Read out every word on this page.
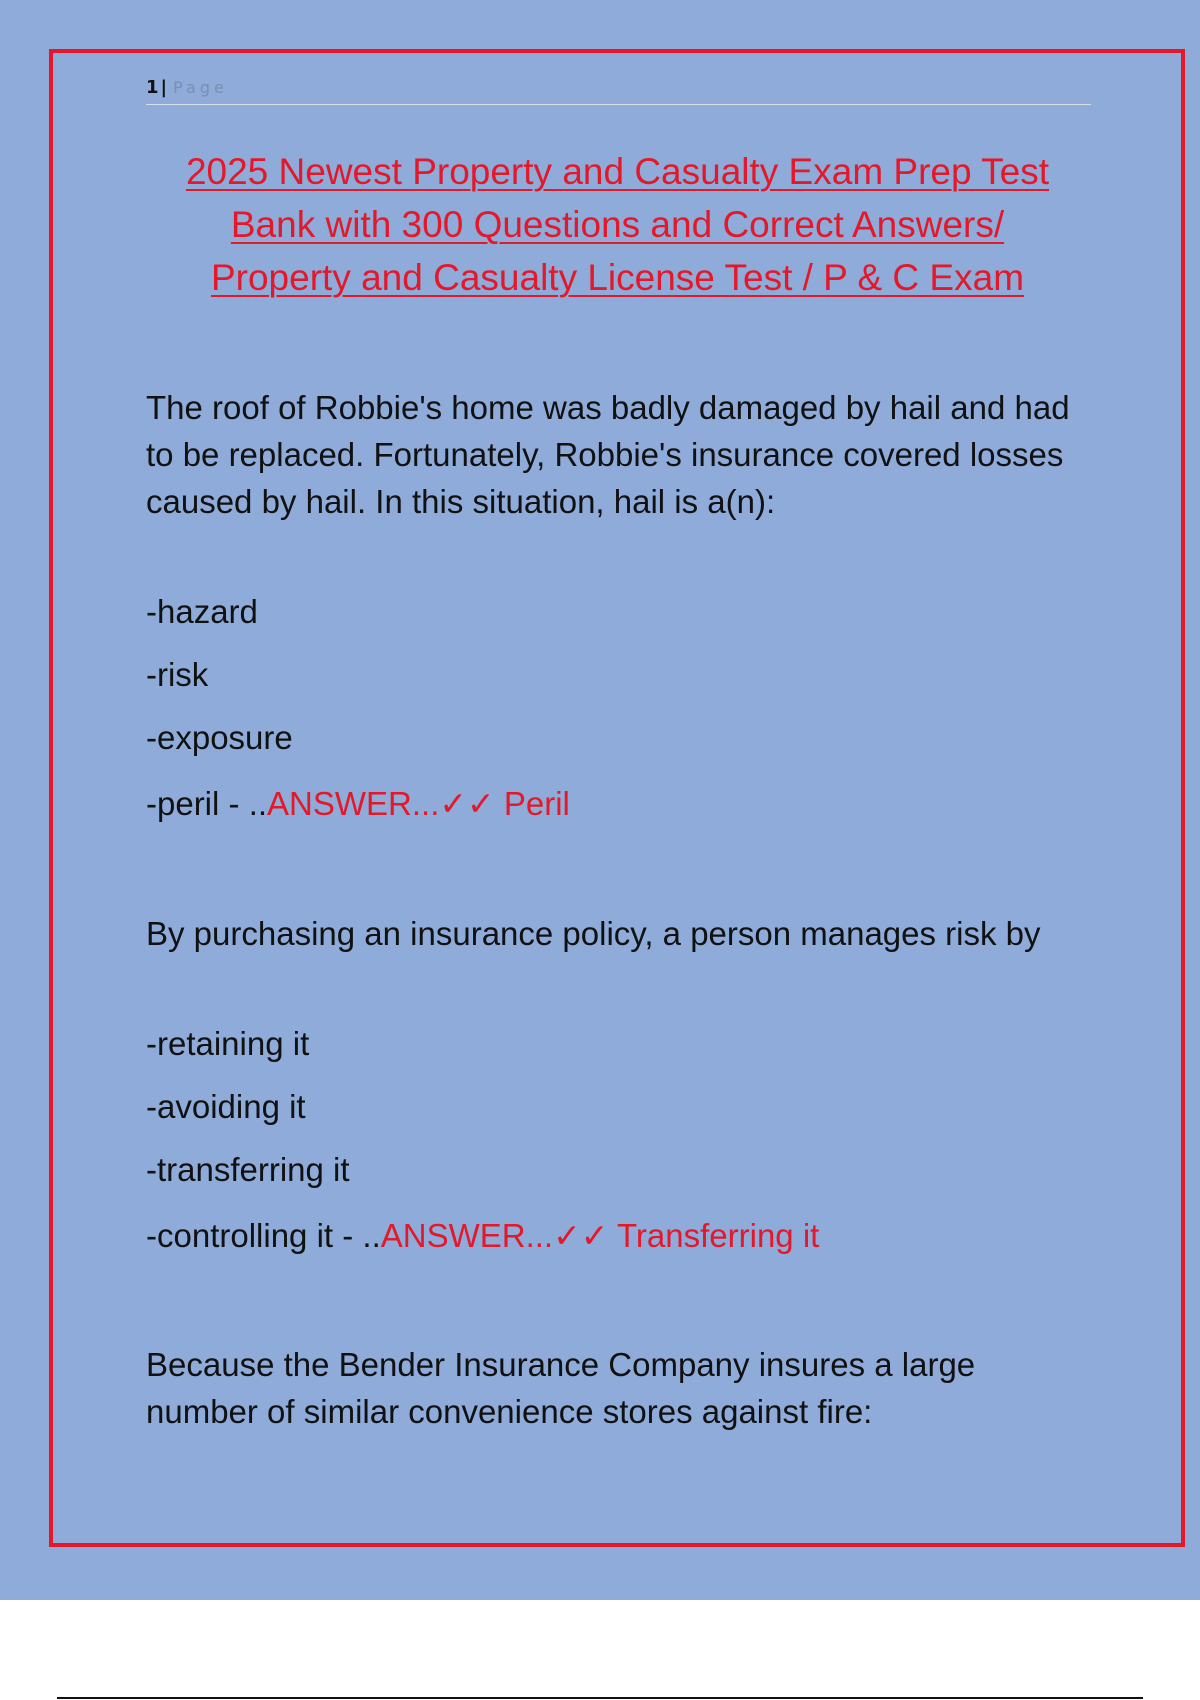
1 | Page
2025 Newest Property and Casualty Exam Prep Test
Bank with 300 Questions and Correct Answers/
Property and Casualty License Test / P & C Exam

The roof of Robbie's home was badly damaged by hail and had to be replaced. Fortunately, Robbie's insurance covered losses caused by hail. In this situation, hail is a(n):

-hazard

-risk

-exposure

-peril - ..ANSWER...✓✓ Peril

By purchasing an insurance policy, a person manages risk by

-retaining it

-avoiding it

-transferring it

-controlling it - ..ANSWER...✓✓ Transferring it

Because the Bender Insurance Company insures a large number of similar convenience stores against fire:
